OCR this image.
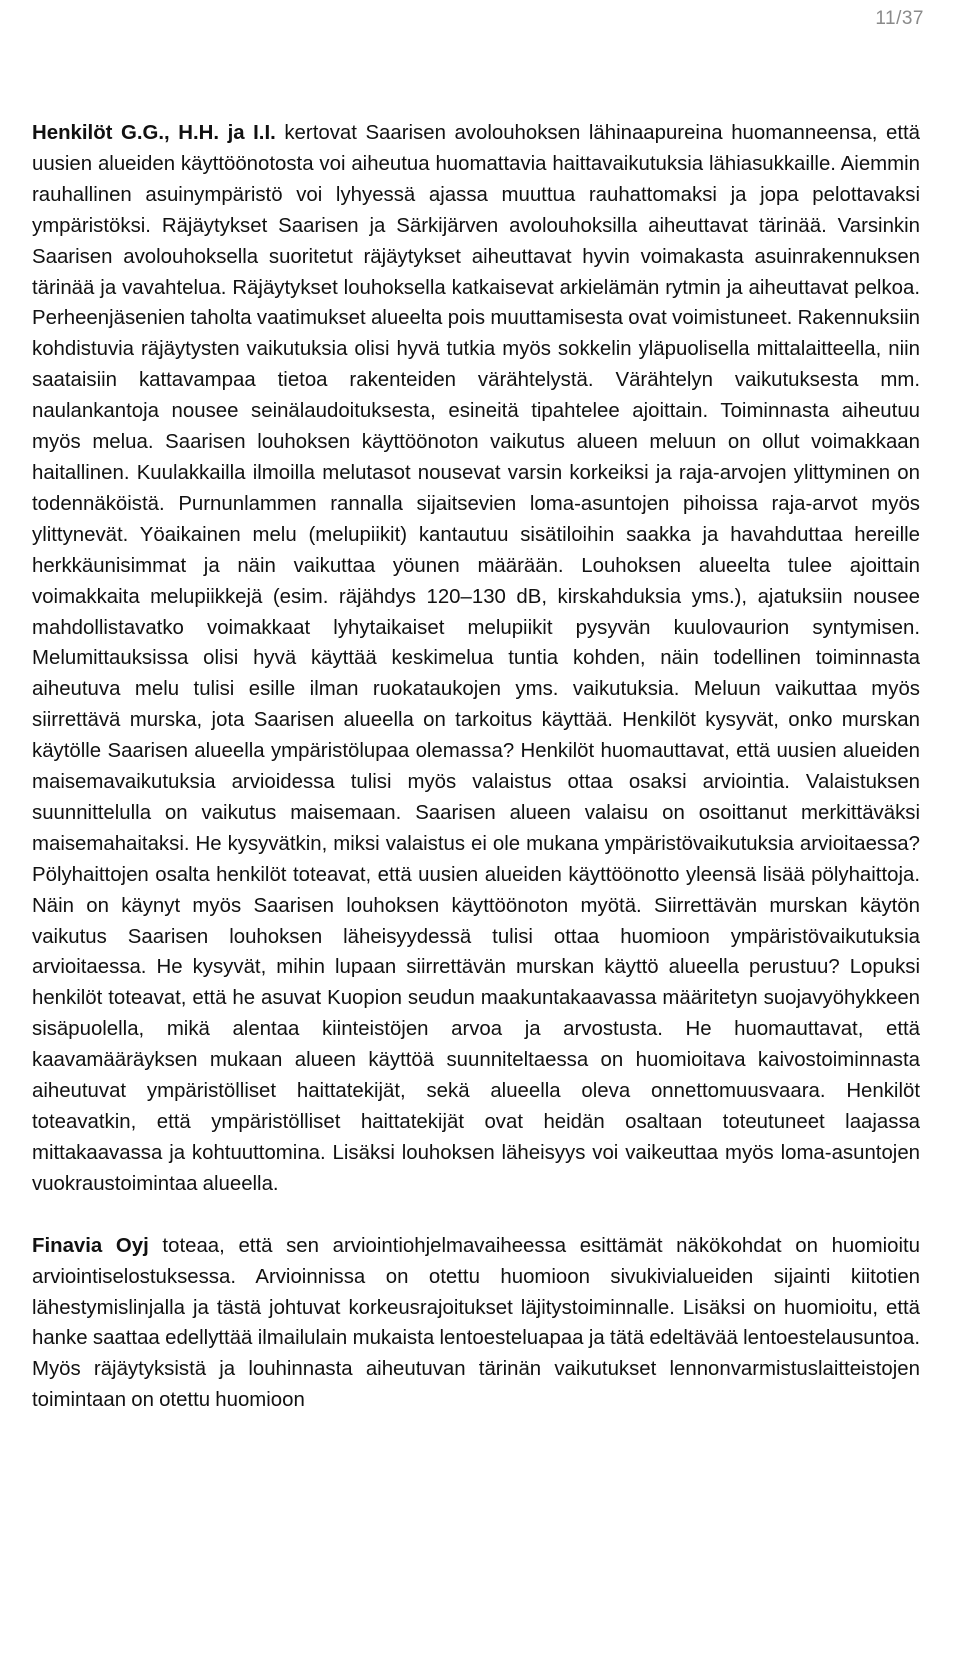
11/37

Henkilöt G.G., H.H. ja I.I. kertovat Saarisen avolouhoksen lähinaapureina huomanneensa, että uusien alueiden käyttöönotosta voi aiheutua huomattavia haittavaikutuksia lähiasukkaille. Aiemmin rauhallinen asuinympäristö voi lyhyessä ajassa muuttua rauhattomaksi ja jopa pelottavaksi ympäristöksi. Räjäytykset Saarisen ja Särkijärven avolouhoksilla aiheuttavat tärinää. Varsinkin Saarisen avolouhoksella suoritetut räjäytykset aiheuttavat hyvin voimakasta asuinrakennuksen tärinää ja vavahtelua. Räjäytykset louhoksella katkaisevat arkielämän rytmin ja aiheuttavat pelkoa. Perheenjäsenien taholta vaatimukset alueelta pois muuttamisesta ovat voimistuneet. Rakennuksiin kohdistuvia räjäytysten vaikutuksia olisi hyvä tutkia myös sokkelin yläpuolisella mittalaitteella, niin saataisiin kattavampaa tietoa rakenteiden värähtelystä. Värähtelyn vaikutuksesta mm. naulankantoja nousee seinälaudoituksesta, esineitä tipahtelee ajoittain. Toiminnasta aiheutuu myös melua. Saarisen louhoksen käyttöönoton vaikutus alueen meluun on ollut voimakkaan haitallinen. Kuulakkailla ilmoilla melutasot nousevat varsin korkeiksi ja raja-arvojen ylittyminen on todennäköistä. Purnunlammen rannalla sijaitsevien loma-asuntojen pihoissa raja-arvot myös ylittynevät. Yöaikainen melu (melupiikit) kantautuu sisätiloihin saakka ja havahduttaa hereille herkkäunisimmat ja näin vaikuttaa yöunen määrään. Louhoksen alueelta tulee ajoittain voimakkaita melupiikkejä (esim. räjähdys 120–130 dB, kirskahduksia yms.), ajatuksiin nousee mahdollistavatko voimakkaat lyhytaikaiset melupiikit pysyvän kuulovaurion syntymisen. Melumittauksissa olisi hyvä käyttää keskimelua tuntia kohden, näin todellinen toiminnasta aiheutuva melu tulisi esille ilman ruokataukojen yms. vaikutuksia. Meluun vaikuttaa myös siirrettävä murska, jota Saarisen alueella on tarkoitus käyttää. Henkilöt kysyvät, onko murskan käytölle Saarisen alueella ympäristölupaa olemassa? Henkilöt huomauttavat, että uusien alueiden maisemavaikutuksia arvioidessa tulisi myös valaistus ottaa osaksi arviointia. Valaistuksen suunnittelulla on vaikutus maisemaan. Saarisen alueen valaisu on osoittanut merkittäväksi maisemahaitaksi. He kysyvätkin, miksi valaistus ei ole mukana ympäristövaikutuksia arvioitaessa? Pölyhaittojen osalta henkilöt toteavat, että uusien alueiden käyttöönotto yleensä lisää pölyhaittoja. Näin on käynyt myös Saarisen louhoksen käyttöönoton myötä. Siirrettävän murskan käytön vaikutus Saarisen louhoksen läheisyydessä tulisi ottaa huomioon ympäristövaikutuksia arvioitaessa. He kysyvät, mihin lupaan siirrettävän murskan käyttö alueella perustuu? Lopuksi henkilöt toteavat, että he asuvat Kuopion seudun maakuntakaavassa määritetyn suojavyöhykkeen sisäpuolella, mikä alentaa kiinteistöjen arvoa ja arvostusta. He huomauttavat, että kaavamääräyksen mukaan alueen käyttöä suunniteltaessa on huomioitava kaivostoiminnasta aiheutuvat ympäristölliset haittatekijät, sekä alueella oleva onnettomuusvaara. Henkilöt toteavatkin, että ympäristölliset haittatekijät ovat heidän osaltaan toteutuneet laajassa mittakaavassa ja kohtuuttomina. Lisäksi louhoksen läheisyys voi vaikeuttaa myös loma-asuntojen vuokraustoimintaa alueella.

Finavia Oyj toteaa, että sen arviointiohjelmavaiheessa esittämät näkökohdat on huomioitu arviointiselostuksessa. Arvioinnissa on otettu huomioon sivukivialueiden sijainti kiitotien lähestymislinjalla ja tästä johtuvat korkeusrajoitukset läjitystoiminnalle. Lisäksi on huomioitu, että hanke saattaa edellyttää ilmailulain mukaista lentoesteluapaa ja tätä edeltävää lentoestelausuntoa. Myös räjäytyksistä ja louhinnasta aiheutuvan tärinän vaikutukset lennonvarmistuslaitteistojen toimintaan on otettu huomioon
